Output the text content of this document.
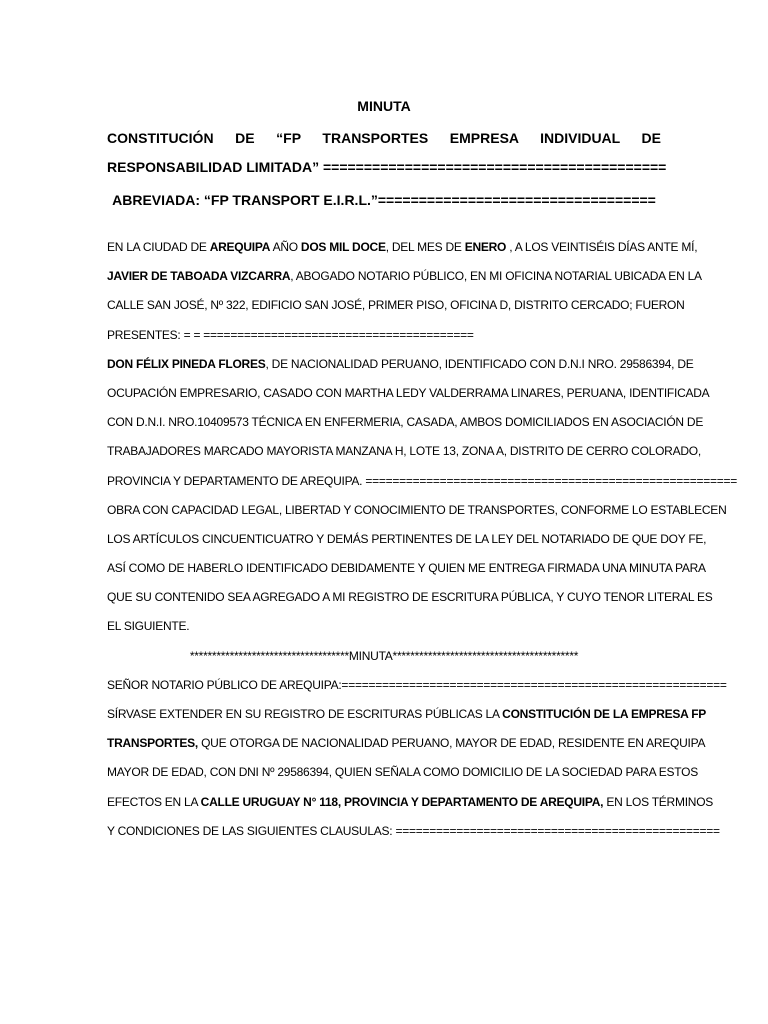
MINUTA
CONSTITUCIÓN DE “FP TRANSPORTES EMPRESA INDIVIDUAL DE
RESPONSABILIDAD LIMITADA” ==========================================
ABREVIADA: “FP TRANSPORT E.I.R.L.”==================================
EN LA CIUDAD DE AREQUIPA AÑO DOS MIL DOCE, DEL MES DE ENERO , A LOS VEINTISÉIS DÍAS ANTE MÍ,
JAVIER DE TABOADA VIZCARRA, ABOGADO NOTARIO PÚBLICO, EN MI OFICINA NOTARIAL UBICADA EN LA
CALLE SAN JOSÉ, Nº 322, EDIFICIO SAN JOSÉ, PRIMER PISO, OFICINA D, DISTRITO CERCADO; FUERON
PRESENTES: = = ========================================
DON FÉLIX PINEDA FLORES, DE NACIONALIDAD PERUANO, IDENTIFICADO CON D.N.I NRO. 29586394, DE
OCUPACIÓN EMPRESARIO, CASADO CON MARTHA LEDY VALDERRAMA LINARES, PERUANA, IDENTIFICADA
CON D.N.I. NRO.10409573 TÉCNICA EN ENFERMERIA, CASADA, AMBOS DOMICILIADOS EN ASOCIACIÓN DE
TRABAJADORES MARCADO MAYORISTA MANZANA H, LOTE 13, ZONA A, DISTRITO DE CERRO COLORADO,
PROVINCIA Y DEPARTAMENTO DE AREQUIPA. =======================================================
OBRA CON CAPACIDAD LEGAL, LIBERTAD Y CONOCIMIENTO DE TRANSPORTES, CONFORME LO ESTABLECEN
LOS ARTÍCULOS CINCUENTICUATRO Y DEMÁS PERTINENTES DE LA LEY DEL NOTARIADO DE QUE DOY FE,
ASÍ COMO DE HABERLO IDENTIFICADO DEBIDAMENTE Y QUIEN ME ENTREGA FIRMADA UNA MINUTA PARA
QUE SU CONTENIDO SEA AGREGADO A MI REGISTRO DE ESCRITURA PÚBLICA, Y CUYO TENOR LITERAL ES
EL SIGUIENTE.
************************************MINUTA******************************************
SEÑOR NOTARIO PÚBLICO DE AREQUIPA:=========================================================
SÍRVASE EXTENDER EN SU REGISTRO DE ESCRITURAS PÚBLICAS LA CONSTITUCIÓN DE LA EMPRESA FP
TRANSPORTES, QUE OTORGA DE NACIONALIDAD PERUANO, MAYOR DE EDAD, RESIDENTE EN AREQUIPA
MAYOR DE EDAD, CON DNI Nº 29586394, QUIEN SEÑALA COMO DOMICILIO DE LA SOCIEDAD PARA ESTOS
EFECTOS EN LA CALLE URUGUAY N° 118, PROVINCIA Y DEPARTAMENTO DE AREQUIPA, EN LOS TÉRMINOS
Y CONDICIONES DE LAS SIGUIENTES CLAUSULAS: ================================================
